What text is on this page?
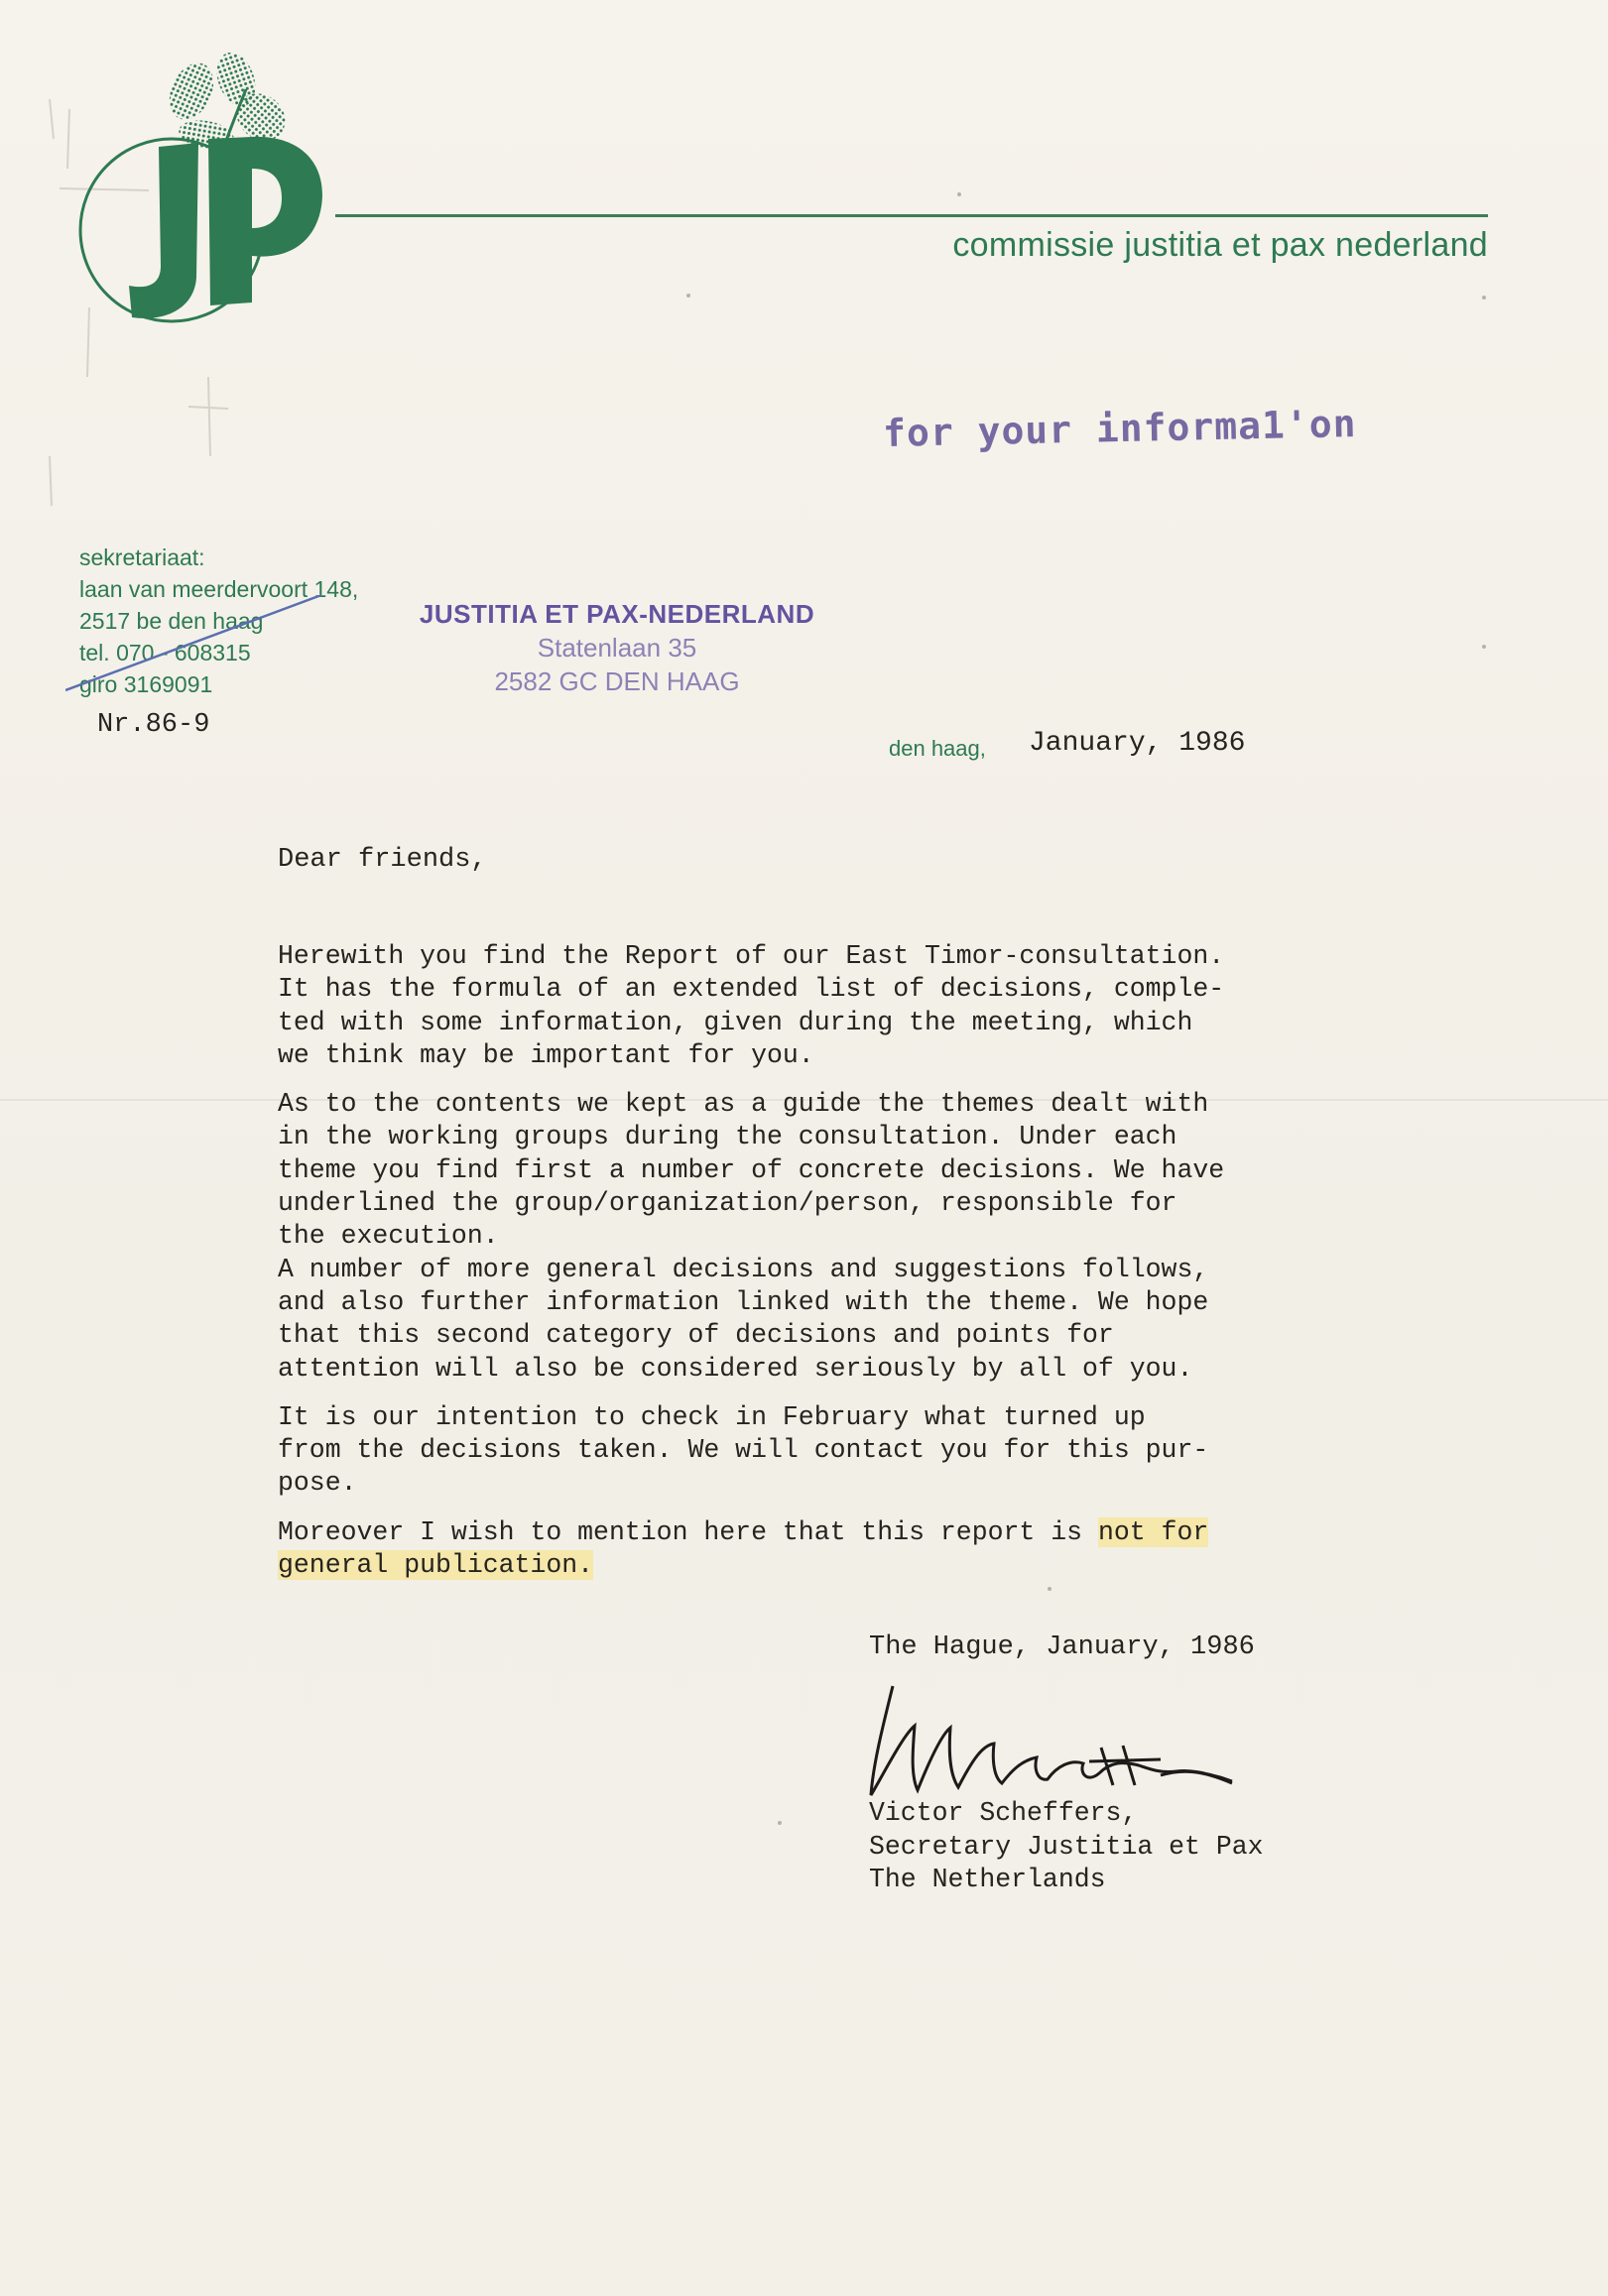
commissie justitia et pax nederland
for your informa1'on
sekretariaat:
laan van meerdervoort 148,
2517 be den haag
tel. 070 - 608315
giro 3169091
Nr.86-9
JUSTITIA ET PAX-NEDERLAND
Statenlaan 35
2582 GC DEN HAAG
den haag, January, 1986
Dear friends,
Herewith you find the Report of our East Timor-consultation.
It has the formula of an extended list of decisions, comple-
ted with some information, given during the meeting, which
we think may be important for you.
As to the contents we kept as a guide the themes dealt with
in the working groups during the consultation. Under each
theme you find first a number of concrete decisions. We have
underlined the group/organization/person, responsible for
the execution.
A number of more general decisions and suggestions follows,
and also further information linked with the theme. We hope
that this second category of decisions and points for
attention will also be considered seriously by all of you.
It is our intention to check in February what turned up
from the decisions taken. We will contact you for this pur-
pose.
Moreover I wish to mention here that this report is not for
general publication.
The Hague, January, 1986
Victor Scheffers,
Secretary Justitia et Pax
The Netherlands
